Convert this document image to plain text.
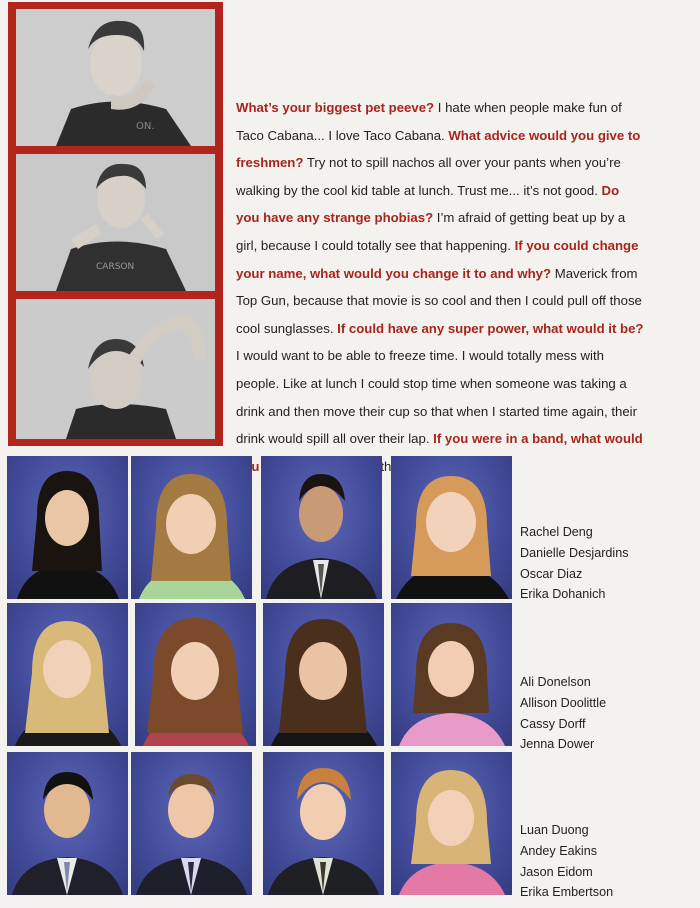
ON.
CARSON
What’s your biggest pet peeve? I hate when people make fun of Taco Cabana... I love Taco Cabana. What advice would you give to freshmen? Try not to spill nachos all over your pants when you’re walking by the cool kid table at lunch. Trust me... it’s not good. Do you have any strange phobias? I’m afraid of getting beat up by a girl, because I could totally see that happening. If you could change your name, what would you change it to and why? Maverick from Top Gun, because that movie is so cool and then I could pull off those cool sunglasses. If could have any super power, what would it be? I would want to be able to freeze time. I would totally mess with people. Like at lunch I could stop time when someone was taking a drink and then move their cup so that when I started time again, their drink would spill all over their lap. If you were in a band, what would the
Rachel Deng
Danielle Desjardins
Oscar Diaz
Erika Dohanich
Ali Donelson
Allison Doolittle
Cassy Dorff
Jenna Dower
Luan Duong
Andey Eakins
Jason Eidom
Erika Embertson
